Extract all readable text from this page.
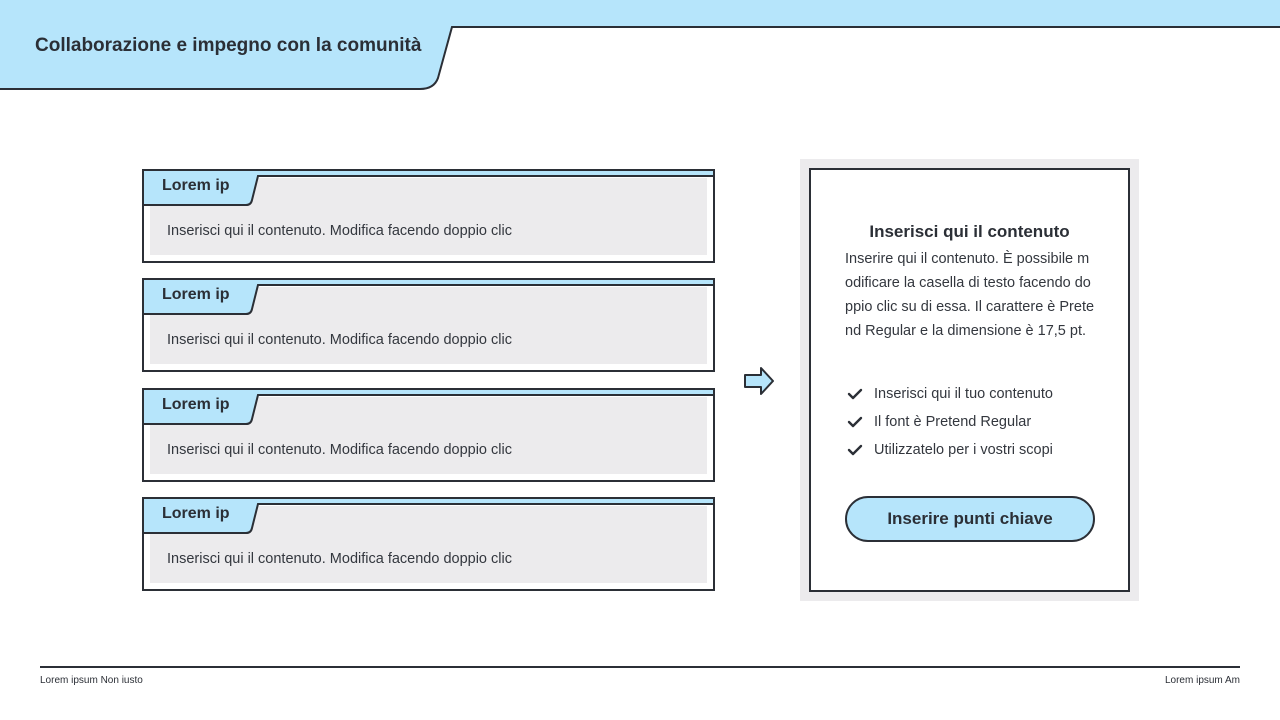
Collaborazione e impegno con la comunità
Lorem ip
Inserisci qui il contenuto. Modifica facendo doppio clic
Lorem ip
Inserisci qui il contenuto. Modifica facendo doppio clic
Lorem ip
Inserisci qui il contenuto. Modifica facendo doppio clic
Lorem ip
Inserisci qui il contenuto. Modifica facendo doppio clic
Inserisci qui il contenuto

Inserire qui il contenuto. È possibile modificare la casella di testo facendo doppio clic su di essa. Il carattere è Pretend Regular e la dimensione è 17,5 pt.

Inserisci qui il tuo contenuto
Il font è Pretend Regular
Utilizzatelo per i vostri scopi
Inserire punti chiave
Lorem ipsum Non iusto	Lorem ipsum Am
